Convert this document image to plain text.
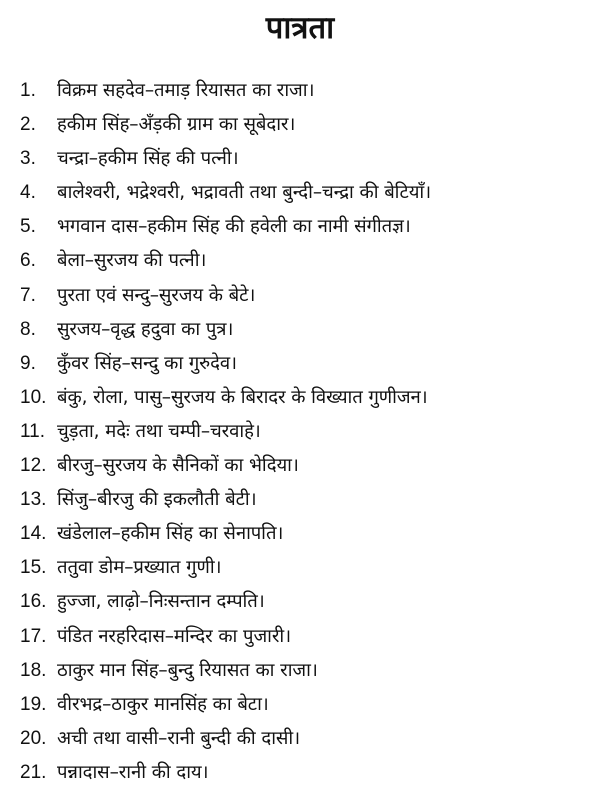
पात्रता
1.	विक्रम सहदेव–तमाड़ रियासत का राजा।
2.	हकीम सिंह–अँड़की ग्राम का सूबेदार।
3.	चन्द्रा–हकीम सिंह की पत्नी।
4.	बालेश्वरी, भद्रेश्वरी, भद्रावती तथा बुन्दी–चन्द्रा की बेटियाँ।
5.	भगवान दास–हकीम सिंह की हवेली का नामी संगीतज्ञ।
6.	बेला–सुरजय की पत्नी।
7.	पुरता एवं सन्दु–सुरजय के बेटे।
8.	सुरजय–वृद्ध हदुवा का पुत्र।
9.	कुँवर सिंह–सन्दु का गुरुदेव।
10. बंकु, रोला, पासु–सुरजय के बिरादर के विख्यात गुणीजन।
11. चुड़ता, मदेः तथा चम्पी–चरवाहे।
12. बीरजु–सुरजय के सैनिकों का भेदिया।
13. सिंजु–बीरजु की इकलौती बेटी।
14. खंडेलाल–हकीम सिंह का सेनापति।
15. ततुवा डोम–प्रख्यात गुणी।
16. हुज्जा, लाढ़ो–निःसन्तान दम्पति।
17. पंडित नरहरिदास–मन्दिर का पुजारी।
18. ठाकुर मान सिंह–बुन्दु रियासत का राजा।
19. वीरभद्र–ठाकुर मानसिंह का बेटा।
20. अची तथा वासी–रानी बुन्दी की दासी।
21. पन्नादास–रानी की दाय।
